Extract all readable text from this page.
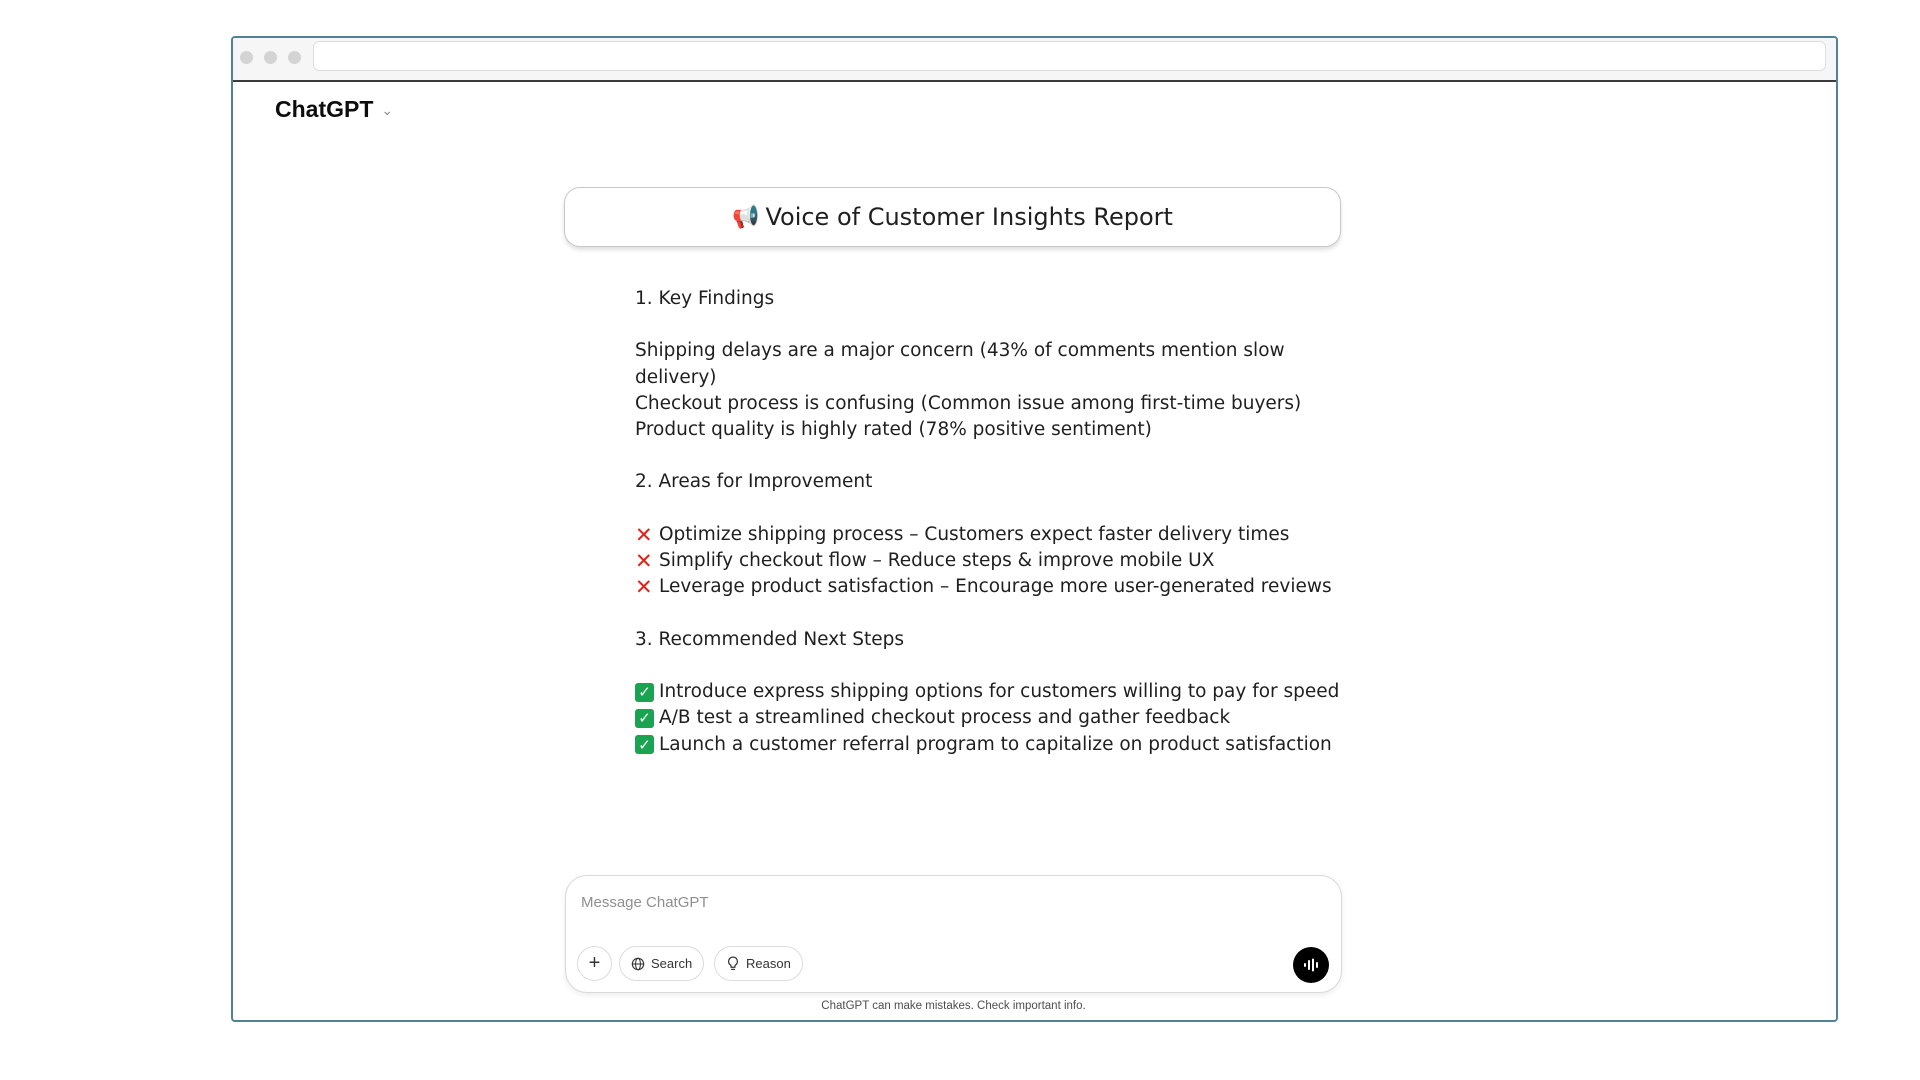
ChatGPT ⌄
📢 Voice of Customer Insights Report
1. Key Findings
Shipping delays are a major concern (43% of comments mention slow
delivery)
Checkout process is confusing (Common issue among first-time buyers)
Product quality is highly rated (78% positive sentiment)
2. Areas for Improvement
✕ Optimize shipping process – Customers expect faster delivery times
✕ Simplify checkout flow – Reduce steps & improve mobile UX
✕ Leverage product satisfaction – Encourage more user-generated reviews
3. Recommended Next Steps
✓ Introduce express shipping options for customers willing to pay for speed
✓ A/B test a streamlined checkout process and gather feedback
✓ Launch a customer referral program to capitalize on product satisfaction
Message ChatGPT
+	Search	Reason
ChatGPT can make mistakes. Check important info.
